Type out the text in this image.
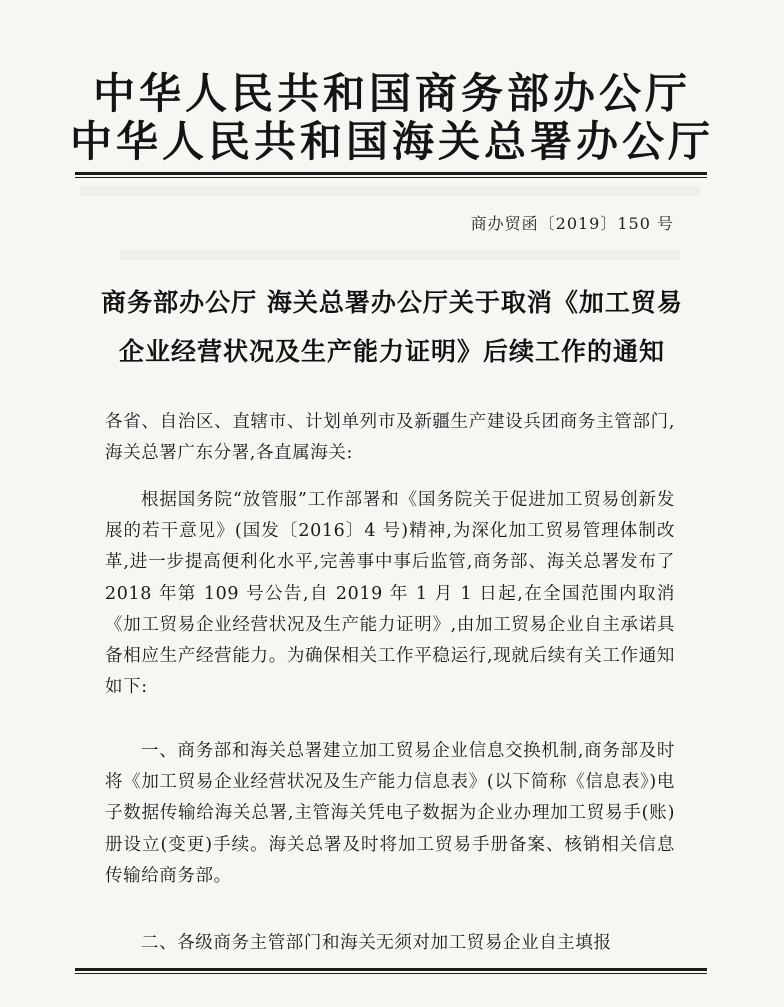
中华人民共和国商务部办公厅
中华人民共和国海关总署办公厅
商办贸函〔2019〕150 号
商务部办公厅 海关总署办公厅关于取消《加工贸易
企业经营状况及生产能力证明》后续工作的通知
各省、自治区、直辖市、计划单列市及新疆生产建设兵团商务主管部门,海关总署广东分署,各直属海关:
根据国务院“放管服”工作部署和《国务院关于促进加工贸易创新发展的若干意见》(国发〔2016〕4 号)精神,为深化加工贸易管理体制改革,进一步提高便利化水平,完善事中事后监管,商务部、海关总署发布了 2018 年第 109 号公告,自 2019 年 1 月 1 日起,在全国范围内取消《加工贸易企业经营状况及生产能力证明》,由加工贸易企业自主承诺具备相应生产经营能力。为确保相关工作平稳运行,现就后续有关工作通知如下:
一、商务部和海关总署建立加工贸易企业信息交换机制,商务部及时将《加工贸易企业经营状况及生产能力信息表》(以下简称《信息表》)电子数据传输给海关总署,主管海关凭电子数据为企业办理加工贸易手(账)册设立(变更)手续。海关总署及时将加工贸易手册备案、核销相关信息传输给商务部。
二、各级商务主管部门和海关无须对加工贸易企业自主填报
